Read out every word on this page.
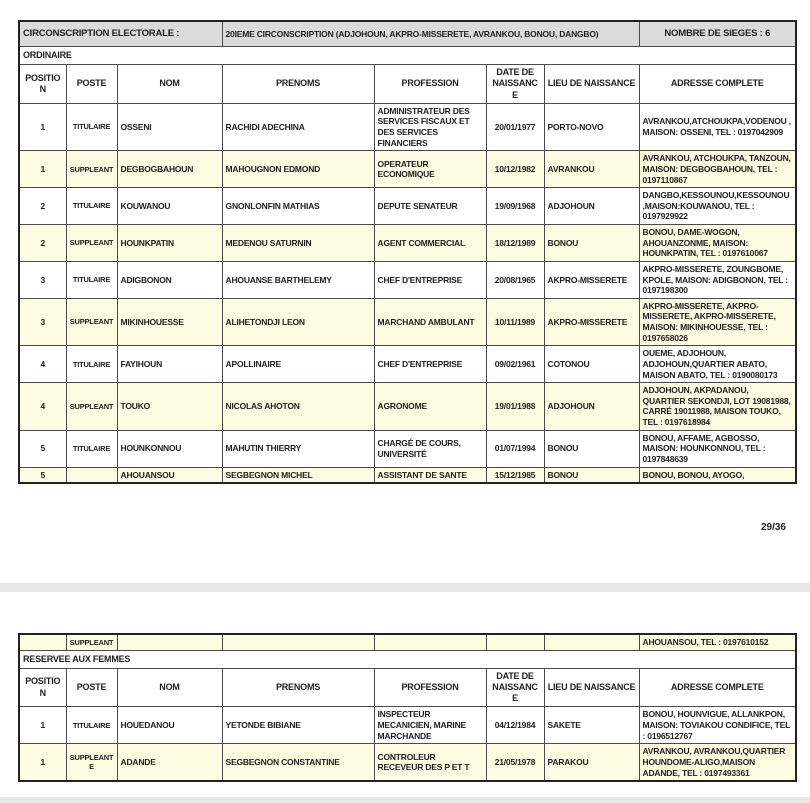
CIRCONSCRIPTION ELECTORALE :			20IEME CIRCONSCRIPTION (ADJOHOUN, AKPRO-MISSERETE, AVRANKOU, BONOU, DANGBO)				NOMBRE DE SIEGES : 6
ORDINAIRE							
POSITION	POSTE	NOM	PRENOMS	PROFESSION	DATE DE NAISSANCE	LIEU DE NAISSANCE	ADRESSE COMPLETE
1	TITULAIRE	OSSENI	RACHIDI ADECHINA	ADMINISTRATEUR DES SERVICES FISCAUX ET DES SERVICES FINANCIERS	20/01/1977	PORTO-NOVO	AVRANKOU,ATCHOUKPA,VODENOU , MAISON: OSSENI, TEL : 0197042909
1	SUPPLEANT	DEGBOGBAHOUN	MAHOUGNON EDMOND	OPERATEUR ECONOMIQUE	10/12/1982	AVRANKOU	AVRANKOU, ATCHOUKPA, TANZOUN, MAISON: DEGBOGBAHOUN, TEL : 0197110867
2	TITULAIRE	KOUWANOU	GNONLONFIN MATHIAS	DEPUTE SENATEUR	19/09/1968	ADJOHOUN	DANGBO,KESSOUNOU,KESSOUNOU ,MAISON:KOUWANOU, TEL : 0197929922
2	SUPPLEANT	HOUNKPATIN	MEDENOU SATURNIN	AGENT COMMERCIAL	18/12/1989	BONOU	BONOU, DAME-WOGON, AHOUANZONME, MAISON: HOUNKPATIN, TEL : 0197610067
3	TITULAIRE	ADIGBONON	AHOUANSE BARTHELEMY	CHEF D'ENTREPRISE	20/08/1965	AKPRO-MISSERETE	AKPRO-MISSERETE, ZOUNGBOME, KPOLE, MAISON: ADIGBONON, TEL : 0197198300
3	SUPPLEANT	MIKINHOUESSE	ALIHETONDJI LEON	MARCHAND AMBULANT	10/11/1989	AKPRO-MISSERETE	AKPRO-MISSERETE, AKPRO-MISSERETE, AKPRO-MISSERETE, MAISON: MIKINHOUESSE, TEL : 0197658026
4	TITULAIRE	FAYIHOUN	APOLLINAIRE	CHEF D'ENTREPRISE	09/02/1961	COTONOU	OUEME, ADJOHOUN, ADJOHOUN,QUARTIER ABATO, MAISON ABATO, TEL : 0190080173
4	SUPPLEANT	TOUKO	NICOLAS AHOTON	AGRONOME	19/01/1988	ADJOHOUN	ADJOHOUN, AKPADANOU, QUARTIER SEKONDJI, LOT 19081988, CARRÉ 19011988, MAISON TOUKO, TEL : 0197618984
5	TITULAIRE	HOUNKONNOU	MAHUTIN THIERRY	CHARGÉ DE COURS, UNIVERSITÉ	01/07/1994	BONOU	BONOU, AFFAME, AGBOSSO, MAISON: HOUNKONNOU, TEL : 0197848639
5		AHOUANSOU	SEGBEGNON MICHEL	ASSISTANT DE SANTE	15/12/1985	BONOU	BONOU, BONOU, AYOGO,
29/36
	SUPPLEANT						AHOUANSOU, TEL : 0197610152
RESERVEE AUX FEMMES							
POSITION	POSTE	NOM	PRENOMS	PROFESSION	DATE DE NAISSANCE	LIEU DE NAISSANCE	ADRESSE COMPLETE
1	TITULAIRE	HOUEDANOU	YETONDE BIBIANE	INSPECTEUR MECANICIEN, MARINE MARCHANDE	04/12/1984	SAKETE	BONOU, HOUNVIGUE, ALLANKPON, MAISON: TOVIAKOU CONDIFICE, TEL : 0196512767
1	SUPPLEANTE	ADANDE	SEGBEGNON CONSTANTINE	CONTROLEUR RECEVEUR DES P ET T	21/05/1978	PARAKOU	AVRANKOU, AVRANKOU,QUARTIER HOUNDOME-ALIGO,MAISON ADANDE, TEL : 0197493361
